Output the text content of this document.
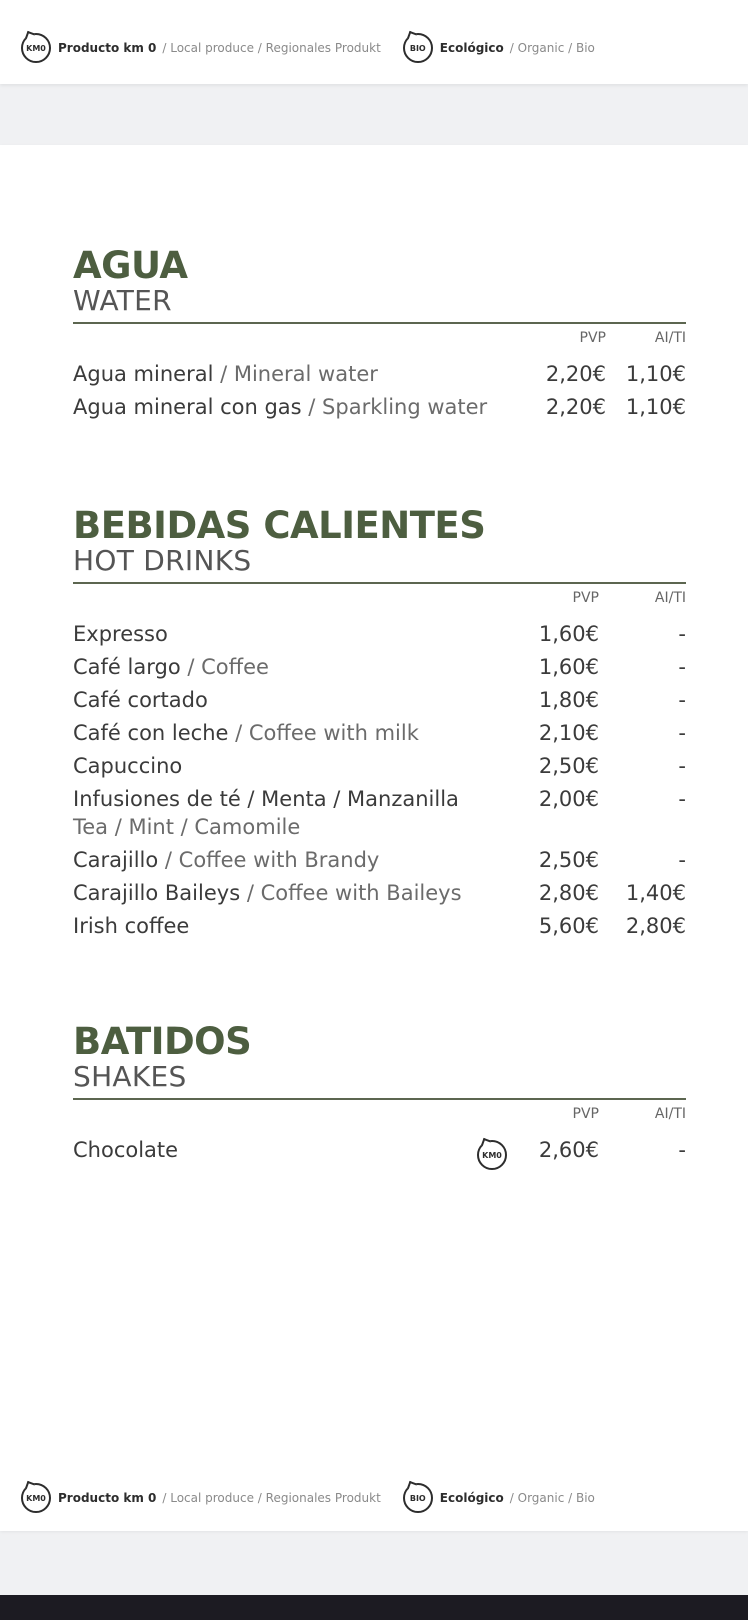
KM0	Producto km 0 / Local produce / Regionales Produkt	BIO	Ecológico / Organic / Bio
AGUA
WATER
PVP	AI/TI
Agua mineral / Mineral water	2,20€ 1,10€
Agua mineral con gas / Sparkling water	2,20€ 1,10€
BEBIDAS CALIENTES
HOT DRINKS
PVP	AI/TI
Expresso	1,60€	-
Café largo / Coffee	1,60€	-
Café cortado	1,80€	-
Café con leche / Coffee with milk	2,10€	-
Capuccino	2,50€	-
Infusiones de té / Menta / Manzanilla
Tea / Mint / Camomile
2,00€	-
Carajillo / Coffee with Brandy	2,50€	-
Carajillo Baileys / Coffee with Baileys	2,80€ 1,40€
Irish coffee	5,60€ 2,80€
BATIDOS
SHAKES
PVP	AI/TI
Chocolate	KM0 2,60€	-
KM0	Producto km 0 / Local produce / Regionales Produkt	BIO	Ecológico / Organic / Bio
